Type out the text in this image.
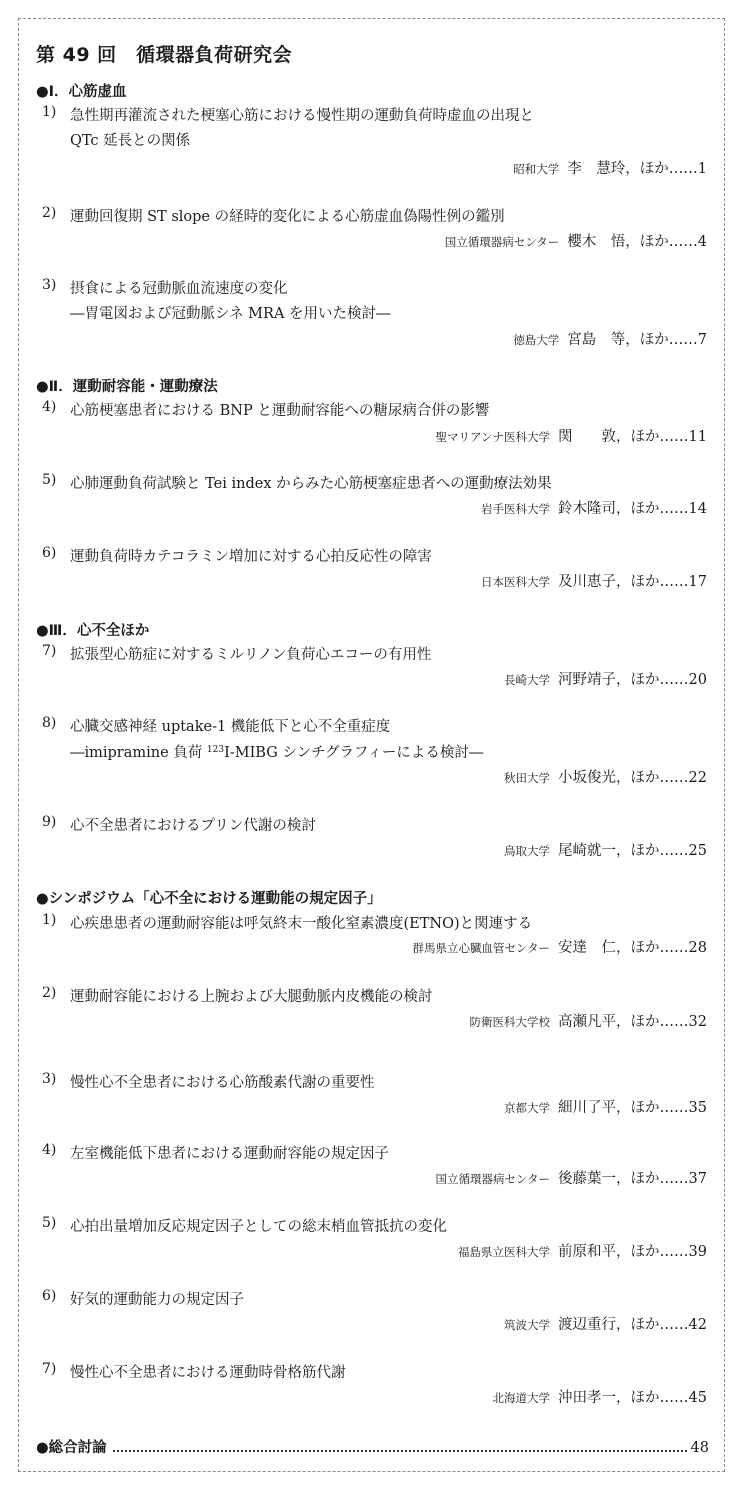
第 49 回　循環器負荷研究会
●Ⅰ．心筋虚血
●Ⅱ．運動耐容能・運動療法
●Ⅲ．心不全ほか
●シンポジウム「心不全における運動能の規定因子」
1) 急性期再灌流された梗塞心筋における慢性期の運動負荷時虚血の出現と
QTc 延長との関係
昭和大学 李　慧玲，ほか……1
2) 運動回復期 ST slope の経時的変化による心筋虚血偽陽性例の鑑別
国立循環器病センター 櫻木　悟，ほか……4
3) 摂食による冠動脈血流速度の変化
―胃電図および冠動脈シネ MRA を用いた検討―
徳島大学 宮島　等，ほか……7
4) 心筋梗塞患者における BNP と運動耐容能への糖尿病合併の影響
聖マリアンナ医科大学 関　　敦，ほか……11
5) 心肺運動負荷試験と Tei index からみた心筋梗塞症患者への運動療法効果
岩手医科大学 鈴木隆司，ほか……14
6) 運動負荷時カテコラミン増加に対する心拍反応性の障害
日本医科大学 及川恵子，ほか……17
7) 拡張型心筋症に対するミルリノン負荷心エコーの有用性
長崎大学 河野靖子，ほか……20
8) 心臓交感神経 uptake-1 機能低下と心不全重症度
―imipramine 負荷 $^{123}$I-MIBG シンチグラフィーによる検討―
秋田大学 小坂俊光，ほか……22
9) 心不全患者におけるプリン代謝の検討
鳥取大学 尾崎就一，ほか……25
1) 心疾患患者の運動耐容能は呼気終末一酸化窒素濃度(ETNO)と関連する
群馬県立心臓血管センター 安達　仁，ほか……28
2) 運動耐容能における上腕および大腿動脈内皮機能の検討
防衛医科大学校 高瀬凡平，ほか……32
3) 慢性心不全患者における心筋酸素代謝の重要性
京都大学 細川了平，ほか……35
4) 左室機能低下患者における運動耐容能の規定因子
国立循環器病センター 後藤葉一，ほか……37
5) 心拍出量増加反応規定因子としての総末梢血管抵抗の変化
福島県立医科大学 前原和平，ほか……39
6) 好気的運動能力の規定因子
筑波大学 渡辺重行，ほか……42
7) 慢性心不全患者における運動時骨格筋代謝
北海道大学 沖田孝一，ほか……45
●総合討論	48
